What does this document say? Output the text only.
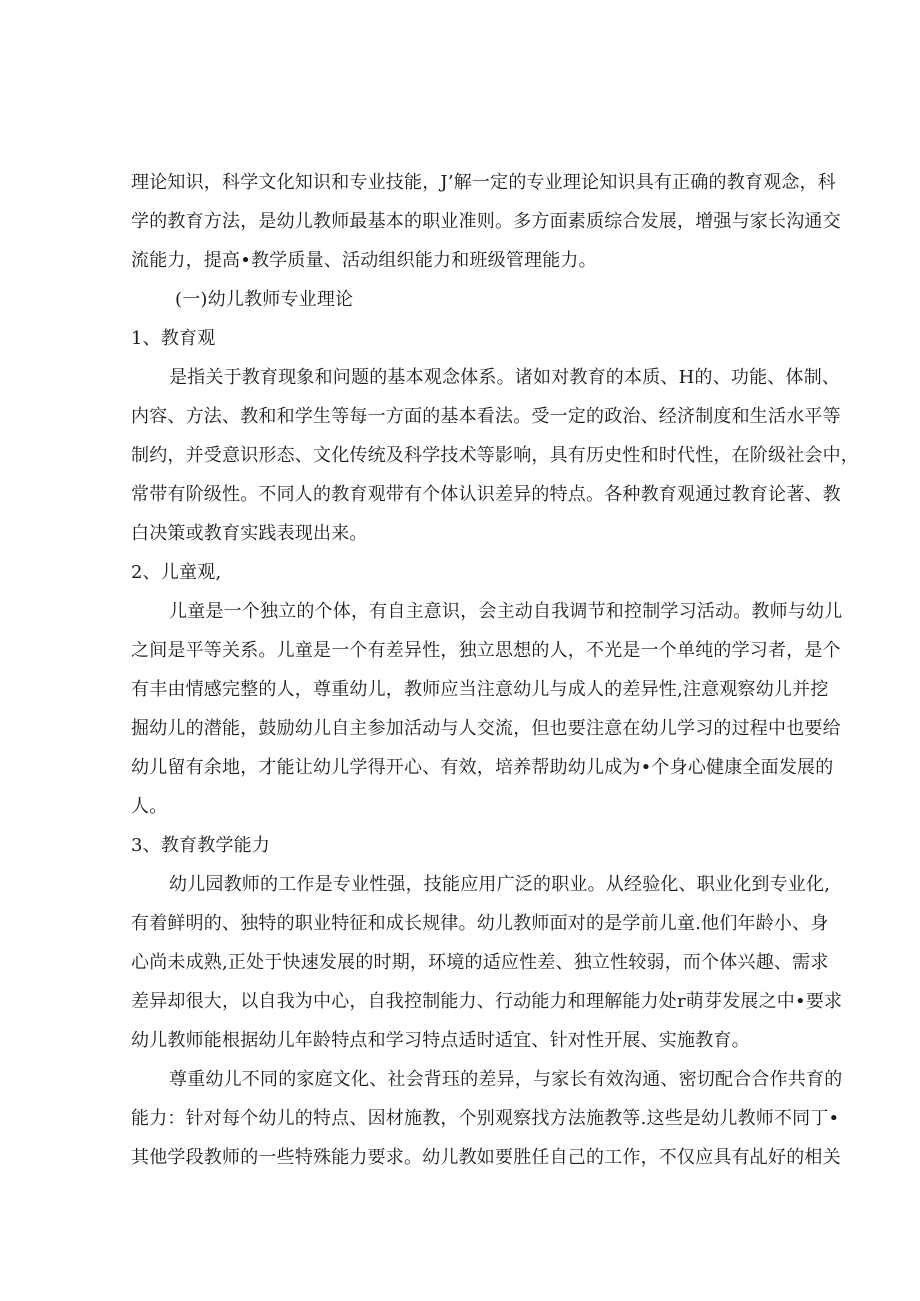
理论知识，科学文化知识和专业技能，J’解一定的专业理论知识具有正确的教育观念，科
学的教育方法，是幼儿教师最基本的职业准则。多方面素质综合发展，增强与家长沟通交
流能力，提高•教学质量、活动组织能力和班级管理能力。
(一)幼儿教师专业理论
1、教育观
是指关于教育现象和问题的基本观念体系。诸如对教育的本质、H的、功能、体制、
内容、方法、教和和学生等每一方面的基本看法。受一定的政治、经济制度和生活水平等
制约，并受意识形态、文化传统及科学技术等影响，具有历史性和时代性，在阶级社会中，
常带有阶级性。不同人的教育观带有个体认识差异的特点。各种教育观通过教育论著、教
白决策或教育实践表现出来。
2、儿童观,
儿童是一个独立的个体，有自主意识，会主动自我调节和控制学习活动。教师与幼儿
之间是平等关系。儿童是一个有差异性，独立思想的人，不光是一个单纯的学习者，是个
有丰由情感完整的人，尊重幼儿，教师应当注意幼儿与成人的差异性,注意观察幼儿并挖
掘幼儿的潜能，鼓励幼儿自主参加活动与人交流，但也要注意在幼儿学习的过程中也要给
幼儿留有余地，才能让幼儿学得开心、有效，培养帮助幼儿成为•个身心健康全面发展的
人。
3、教育教学能力
幼儿园教师的工作是专业性强，技能应用广泛的职业。从经验化、职业化到专业化,
有着鲜明的、独特的职业特征和成长规律。幼儿教师面对的是学前儿童.他们年龄小、身
心尚未成熟,正处于快速发展的时期，环境的适应性差、独立性较弱，而个体兴趣、需求
差异却很大，以自我为中心，自我控制能力、行动能力和理解能力处r萌芽发展之中•要求
幼儿教师能根据幼儿年龄特点和学习特点适时适宜、针对性开展、实施教育。
尊重幼儿不同的家庭文化、社会背珏的差异，与家长有效沟通、密切配合合作共育的
能力：针对每个幼儿的特点、因材施教，个别观察找方法施教等.这些是幼儿教师不同丁•
其他学段教师的一些特殊能力要求。幼儿教如要胜任自己的工作，不仅应具有乩好的相关
